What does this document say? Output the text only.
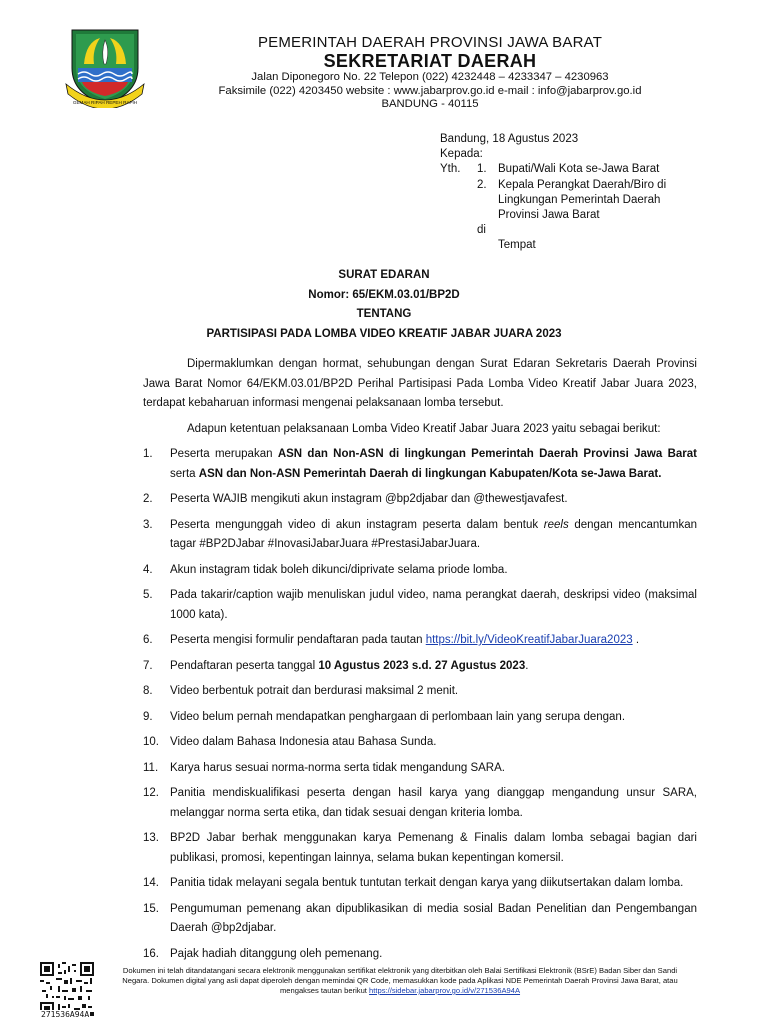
GEMAH RIPAH REPEH RAPIH
PEMERINTAH DAERAH PROVINSI JAWA BARAT
SEKRETARIAT DAERAH
Jalan Diponegoro No. 22 Telepon (022) 4232448 – 4233347 – 4230963
Faksimile (022) 4203450 website : www.jabarprov.go.id e-mail : info@jabarprov.go.id
BANDUNG - 40115
Bandung, 18 Agustus 2023
Kepada:
Yth.	1. Bupati/Wali Kota se-Jawa Barat
2. Kepala Perangkat Daerah/Biro di
Lingkungan Pemerintah Daerah
Provinsi Jawa Barat
di
Tempat
SURAT EDARAN
Nomor: 65/EKM.03.01/BP2D
TENTANG
PARTISIPASI PADA LOMBA VIDEO KREATIF JABAR JUARA 2023

Dipermaklumkan dengan hormat, sehubungan dengan Surat Edaran Sekretaris Daerah Provinsi Jawa Barat Nomor 64/EKM.03.01/BP2D Perihal Partisipasi Pada Lomba Video Kreatif Jabar Juara 2023, terdapat kebaharuan informasi mengenai pelaksanaan lomba tersebut.

Adapun ketentuan pelaksanaan Lomba Video Kreatif Jabar Juara 2023 yaitu sebagai berikut:

1.	Peserta merupakan ASN dan Non-ASN di lingkungan Pemerintah Daerah Provinsi Jawa Barat serta ASN dan Non-ASN Pemerintah Daerah di lingkungan Kabupaten/Kota se-Jawa Barat.
2.	Peserta WAJIB mengikuti akun instagram @bp2djabar dan @thewestjavafest.
3.	Peserta mengunggah video di akun instagram peserta dalam bentuk reels dengan mencantumkan tagar #BP2DJabar #InovasiJabarJuara #PrestasiJabarJuara.
4.	Akun instagram tidak boleh dikunci/diprivate selama priode lomba.
5.	Pada takarir/caption wajib menuliskan judul video, nama perangkat daerah, deskripsi video (maksimal 1000 kata).
6.	Peserta mengisi formulir pendaftaran pada tautan https://bit.ly/VideoKreatifJabarJuara2023 .
7.	Pendaftaran peserta tanggal 10 Agustus 2023 s.d. 27 Agustus 2023.
8.	Video berbentuk potrait dan berdurasi maksimal 2 menit.
9.	Video belum pernah mendapatkan penghargaan di perlombaan lain yang serupa dengan.
10. Video dalam Bahasa Indonesia atau Bahasa Sunda.
11.	Karya harus sesuai norma-norma serta tidak mengandung SARA.
12. Panitia mendiskualifikasi peserta dengan hasil karya yang dianggap mengandung unsur SARA, melanggar norma serta etika, dan tidak sesuai dengan kriteria lomba.
13. BP2D Jabar berhak menggunakan karya Pemenang & Finalis dalam lomba sebagai bagian dari publikasi, promosi, kepentingan lainnya, selama bukan kepentingan komersil.
14. Panitia tidak melayani segala bentuk tuntutan terkait dengan karya yang diikutsertakan dalam lomba.
15. Pengumuman pemenang akan dipublikasikan di media sosial Badan Penelitian dan Pengembangan Daerah @bp2djabar.
16. Pajak hadiah ditanggung oleh pemenang.
271536A94A
Dokumen ini telah ditandatangani secara elektronik menggunakan sertifikat elektronik yang diterbitkan oleh Balai Sertifikasi Elektronik (BSrE) Badan Siber dan Sandi Negara. Dokumen digital yang asli dapat diperoleh dengan memindai QR Code, memasukkan kode pada Aplikasi NDE Pemerintah Daerah Provinsi Jawa Barat, atau mengakses tautan berikut https://sidebar.jabarprov.go.id/v/271536A94A
